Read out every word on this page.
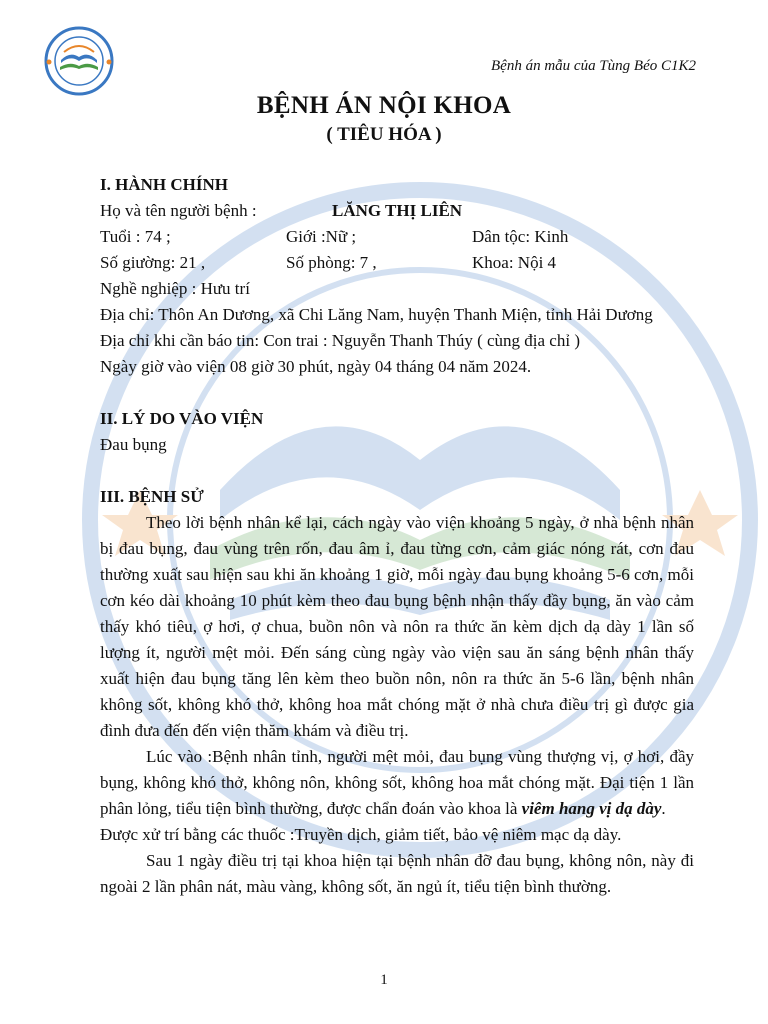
Bệnh án mẫu của Tùng Béo C1K2
BỆNH ÁN NỘI KHOA
( TIÊU HÓA )
I. HÀNH CHÍNH
Họ và tên người bệnh :	LĂNG THỊ LIÊN
Tuổi : 74 ;	Giới :Nữ ;	Dân tộc: Kinh
Số giường: 21 ,	Số phòng: 7 ,	Khoa: Nội 4
Nghề nghiệp : Hưu trí
Địa chỉ: Thôn An Dương, xã Chi Lăng Nam, huyện Thanh Miện, tỉnh Hải Dương
Địa chỉ khi cần báo tin: Con trai : Nguyễn Thanh Thúy ( cùng địa chỉ )
Ngày giờ vào viện 08 giờ 30 phút, ngày 04 tháng 04 năm 2024.
II. LÝ DO VÀO VIỆN
Đau bụng
III. BỆNH SỬ

Theo lời bệnh nhân kể lại, cách ngày vào viện khoảng 5 ngày, ở nhà bệnh nhân bị đau bụng, đau vùng trên rốn, đau âm ỉ, đau từng cơn, cảm giác nóng rát, cơn đau thường xuất sau hiện sau khi ăn khoảng 1 giờ, mỗi ngày đau bụng khoảng 5-6 cơn, mỗi cơn kéo dài khoảng 10 phút kèm theo đau bụng bệnh nhận thấy đầy bụng, ăn vào cảm thấy khó tiêu, ợ hơi, ợ chua, buồn nôn và nôn ra thức ăn kèm dịch dạ dày 1 lần số lượng ít, người mệt mỏi. Đến sáng cùng ngày vào viện sau ăn sáng bệnh nhân thấy xuất hiện đau bụng tăng lên kèm theo buồn nôn, nôn ra thức ăn 5-6 lần, bệnh nhân không sốt, không khó thở, không hoa mắt chóng mặt ở nhà chưa điều trị gì được gia đình đưa đến đến viện thăm khám và điều trị.

Lúc vào :Bệnh nhân tỉnh, người mệt mỏi, đau bụng vùng thượng vị, ợ hơi, đầy bụng, không khó thở, không nôn, không sốt, không hoa mắt chóng mặt. Đại tiện 1 lần phân lỏng, tiểu tiện bình thường, được chẩn đoán vào khoa là viêm hang vị dạ dày.

Được xử trí bằng các thuốc :Truyền dịch, giảm tiết, bảo vệ niêm mạc dạ dày.

Sau 1 ngày điều trị tại khoa hiện tại bệnh nhân đỡ đau bụng, không nôn, này đi ngoài 2 lần phân nát, màu vàng, không sốt, ăn ngủ ít, tiểu tiện bình thường.

1
